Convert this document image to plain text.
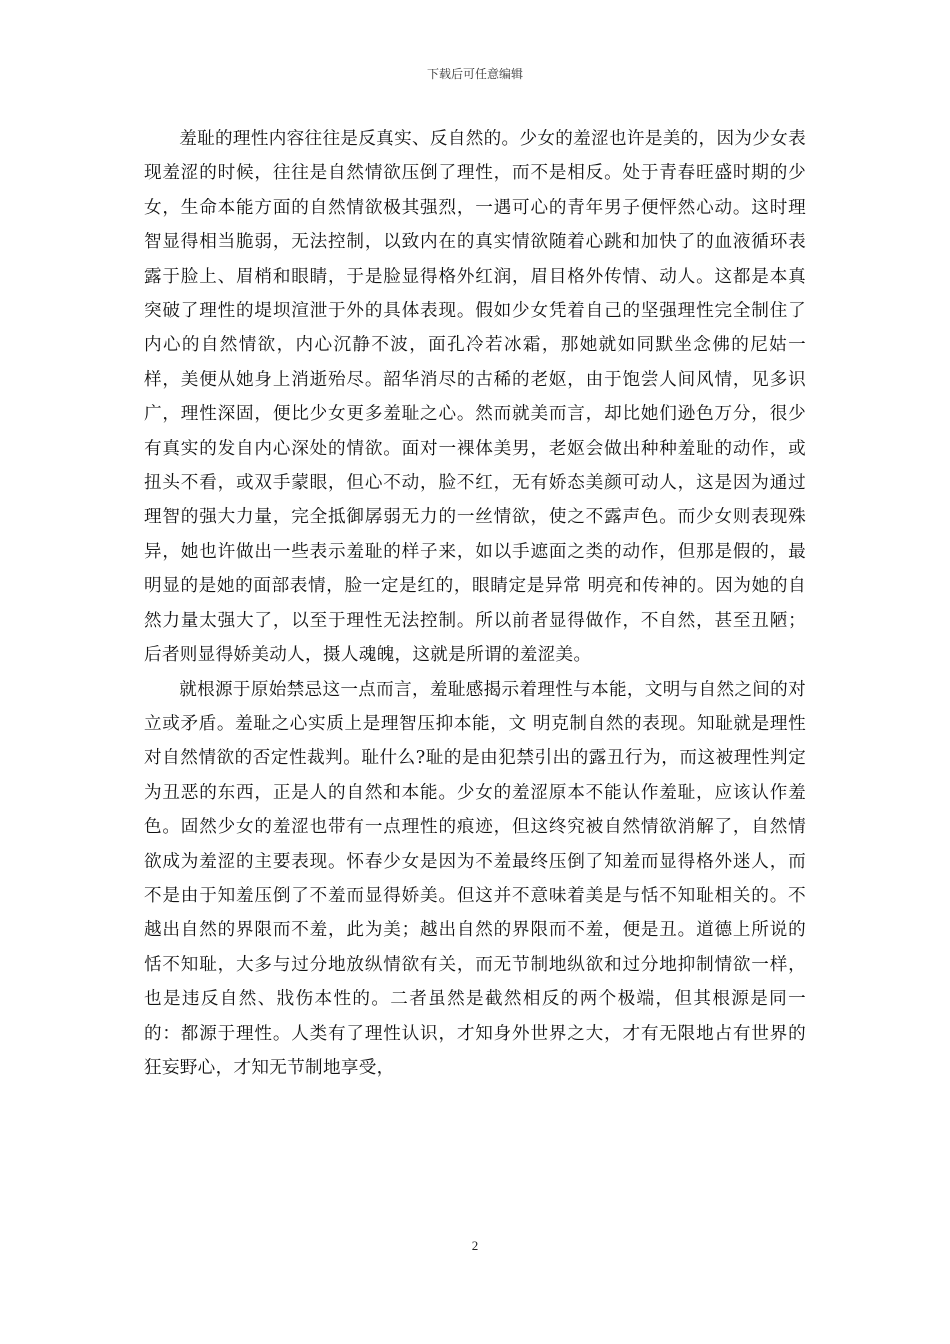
下载后可任意编辑

羞耻的理性内容往往是反真实、反自然的。少女的羞涩也许是美的，因为少女表现羞涩的时候，往往是自然情欲压倒了理性，而不是相反。处于青春旺盛时期的少女，生命本能方面的自然情欲极其强烈，一遇可心的青年男子便怦然心动。这时理智显得相当脆弱，无法控制，以致内在的真实情欲随着心跳和加快了的血液循环表露于脸上、眉梢和眼睛，于是脸显得格外红润，眉目格外传情、动人。这都是本真突破了理性的堤坝渲泄于外的具体表现。假如少女凭着自己的坚强理性完全制住了内心的自然情欲，内心沉静不波，面孔冷若冰霜，那她就如同默坐念佛的尼姑一样，美便从她身上消逝殆尽。韶华消尽的古稀的老妪，由于饱尝人间风情，见多识广，理性深固，便比少女更多羞耻之心。然而就美而言，却比她们逊色万分，很少有真实的发自内心深处的情欲。面对一裸体美男，老妪会做出种种羞耻的动作，或扭头不看，或双手蒙眼，但心不动，脸不红，无有娇态美颜可动人，这是因为通过理智的强大力量，完全抵御孱弱无力的一丝情欲，使之不露声色。而少女则表现殊异，她也许做出一些表示羞耻的样子来，如以手遮面之类的动作，但那是假的，最明显的是她的面部表情，脸一定是红的，眼睛定是异常 明亮和传神的。因为她的自然力量太强大了，以至于理性无法控制。所以前者显得做作，不自然，甚至丑陋；后者则显得娇美动人，摄人魂魄，这就是所谓的羞涩美。

就根源于原始禁忌这一点而言，羞耻感揭示着理性与本能，文明与自然之间的对立或矛盾。羞耻之心实质上是理智压抑本能，文 明克制自然的表现。知耻就是理性对自然情欲的否定性裁判。耻什么?耻的是由犯禁引出的露丑行为，而这被理性判定为丑恶的东西，正是人的自然和本能。少女的羞涩原本不能认作羞耻，应该认作羞色。固然少女的羞涩也带有一点理性的痕迹，但这终究被自然情欲消解了，自然情欲成为羞涩的主要表现。怀春少女是因为不羞最终压倒了知羞而显得格外迷人，而不是由于知羞压倒了不羞而显得娇美。但这并不意味着美是与恬不知耻相关的。不越出自然的界限而不羞，此为美；越出自然的界限而不羞，便是丑。道德上所说的恬不知耻，大多与过分地放纵情欲有关，而无节制地纵欲和过分地抑制情欲一样，也是违反自然、戕伤本性的。二者虽然是截然相反的两个极端，但其根源是同一的：都源于理性。人类有了理性认识，才知身外世界之大，才有无限地占有世界的狂妄野心，才知无节制地享受，

2
